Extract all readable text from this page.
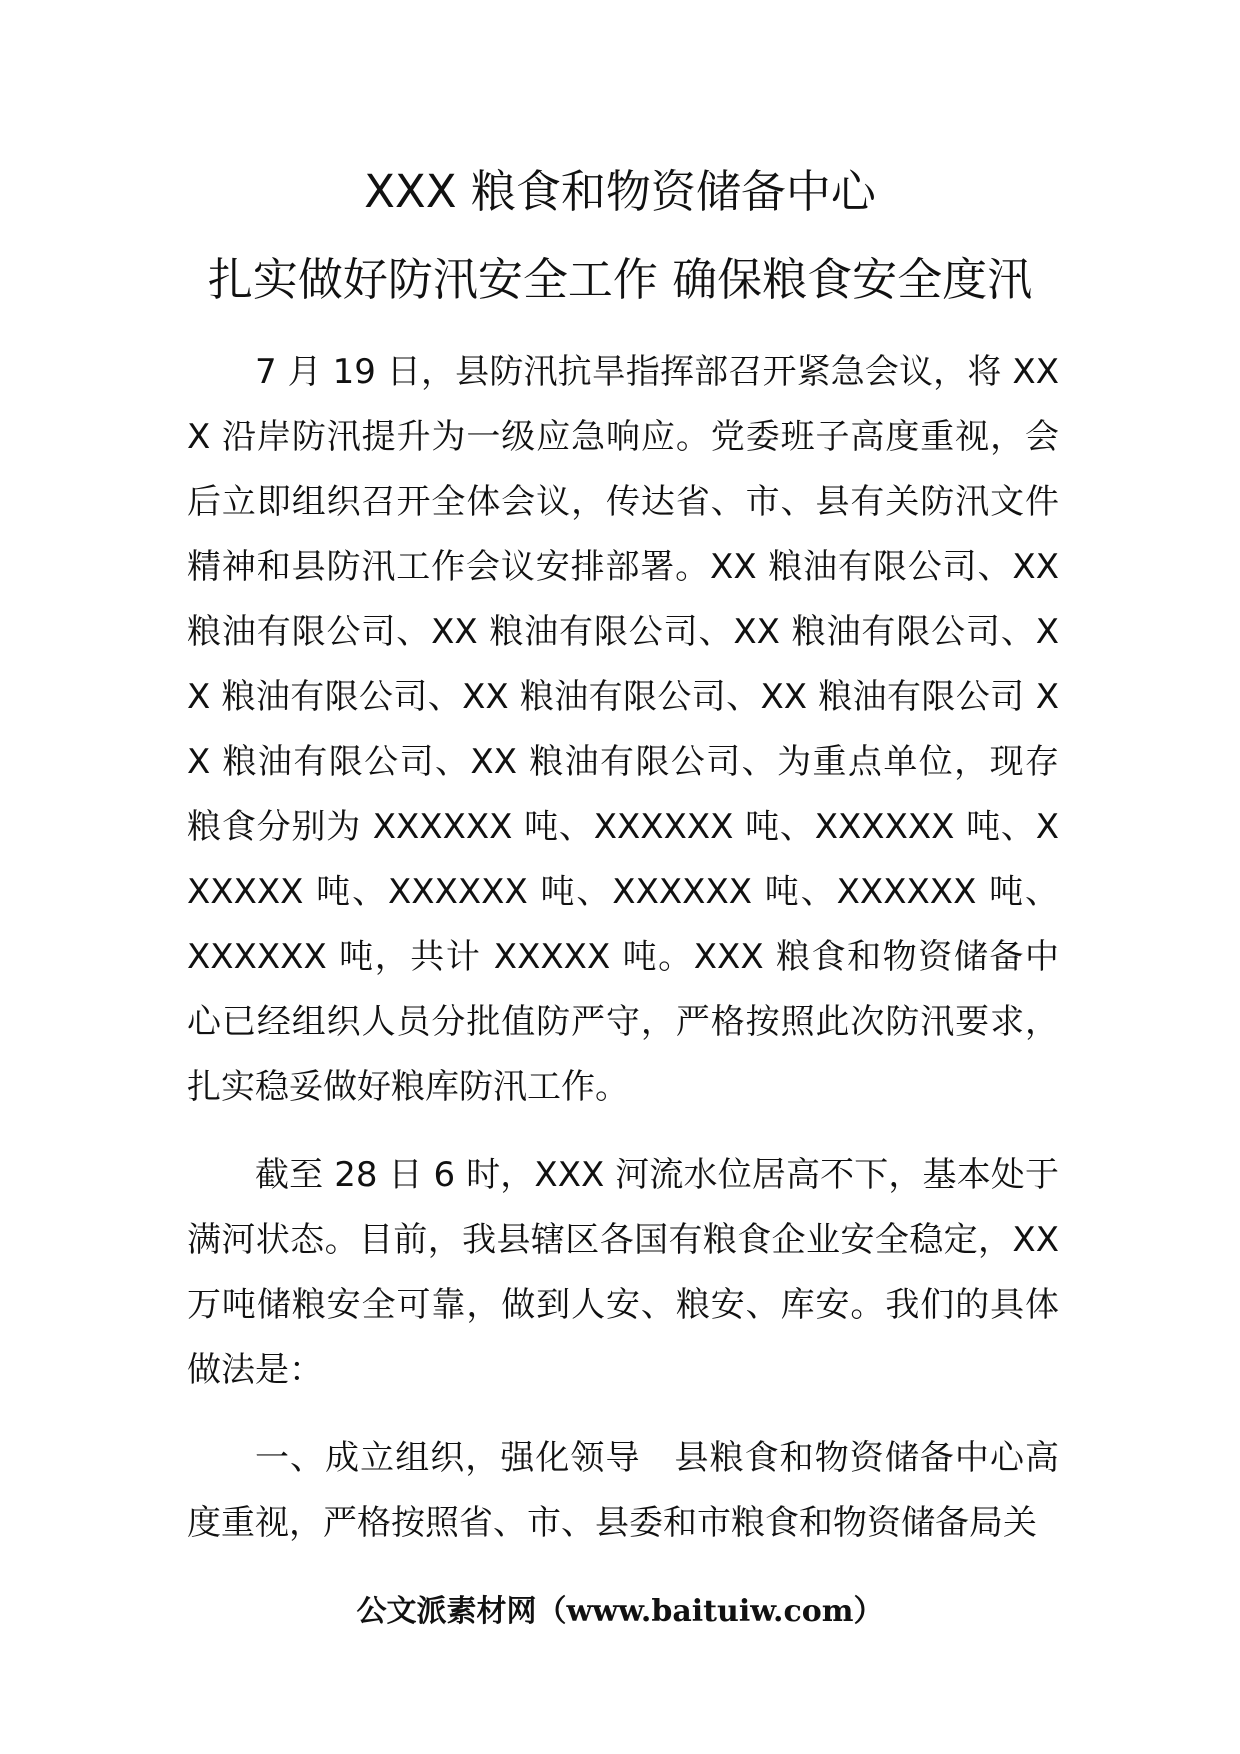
XXX 粮食和物资储备中心
扎实做好防汛安全工作 确保粮食安全度汛

7 月 19 日，县防汛抗旱指挥部召开紧急会议，将 XXX 沿岸防汛提升为一级应急响应。党委班子高度重视，会后立即组织召开全体会议，传达省、市、县有关防汛文件精神和县防汛工作会议安排部署。XX 粮油有限公司、XX 粮油有限公司、XX 粮油有限公司、XX 粮油有限公司、XX 粮油有限公司、XX 粮油有限公司、XX 粮油有限公司 XX 粮油有限公司、XX 粮油有限公司、为重点单位，现存粮食分别为 XXXXXX 吨、XXXXXX 吨、XXXXXX 吨、XXXXXX 吨、XXXXXX 吨、XXXXXX 吨、XXXXXX 吨、XXXXXX 吨，共计 XXXXX 吨。XXX 粮食和物资储备中心已经组织人员分批值防严守，严格按照此次防汛要求，扎实稳妥做好粮库防汛工作。

截至 28 日 6 时，XXX 河流水位居高不下，基本处于满河状态。目前，我县辖区各国有粮食企业安全稳定，XX 万吨储粮安全可靠，做到人安、粮安、库安。我们的具体做法是：

一、成立组织，强化领导 县粮食和物资储备中心高度重视，严格按照省、市、县委和市粮食和物资储备局关

公文派素材网（www.baituiw.com）
